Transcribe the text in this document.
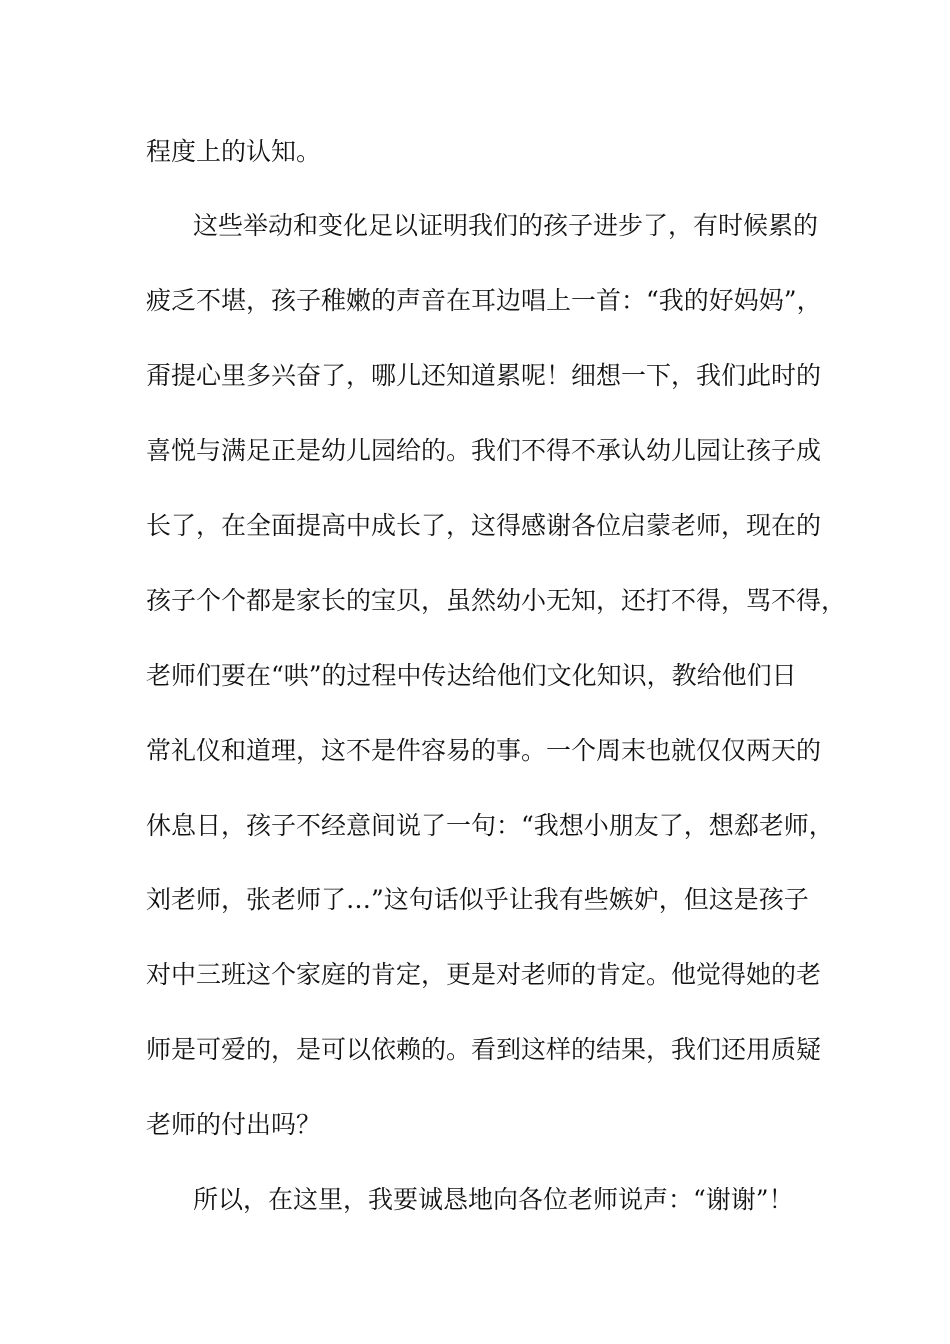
程度上的认知。
这些举动和变化足以证明我们的孩子进步了，有时候累的
疲乏不堪，孩子稚嫩的声音在耳边唱上一首：“我的好妈妈”，
甭提心里多兴奋了，哪儿还知道累呢！细想一下，我们此时的
喜悦与满足正是幼儿园给的。我们不得不承认幼儿园让孩子成
长了，在全面提高中成长了，这得感谢各位启蒙老师，现在的
孩子个个都是家长的宝贝，虽然幼小无知，还打不得，骂不得，
老师们要在“哄”的过程中传达给他们文化知识，教给他们日
常礼仪和道理，这不是件容易的事。一个周末也就仅仅两天的
休息日，孩子不经意间说了一句：“我想小朋友了，想郄老师，
刘老师，张老师了…”这句话似乎让我有些嫉妒，但这是孩子
对中三班这个家庭的肯定，更是对老师的肯定。他觉得她的老
师是可爱的，是可以依赖的。看到这样的结果，我们还用质疑
老师的付出吗？
所以，在这里，我要诚恳地向各位老师说声：“谢谢”！
